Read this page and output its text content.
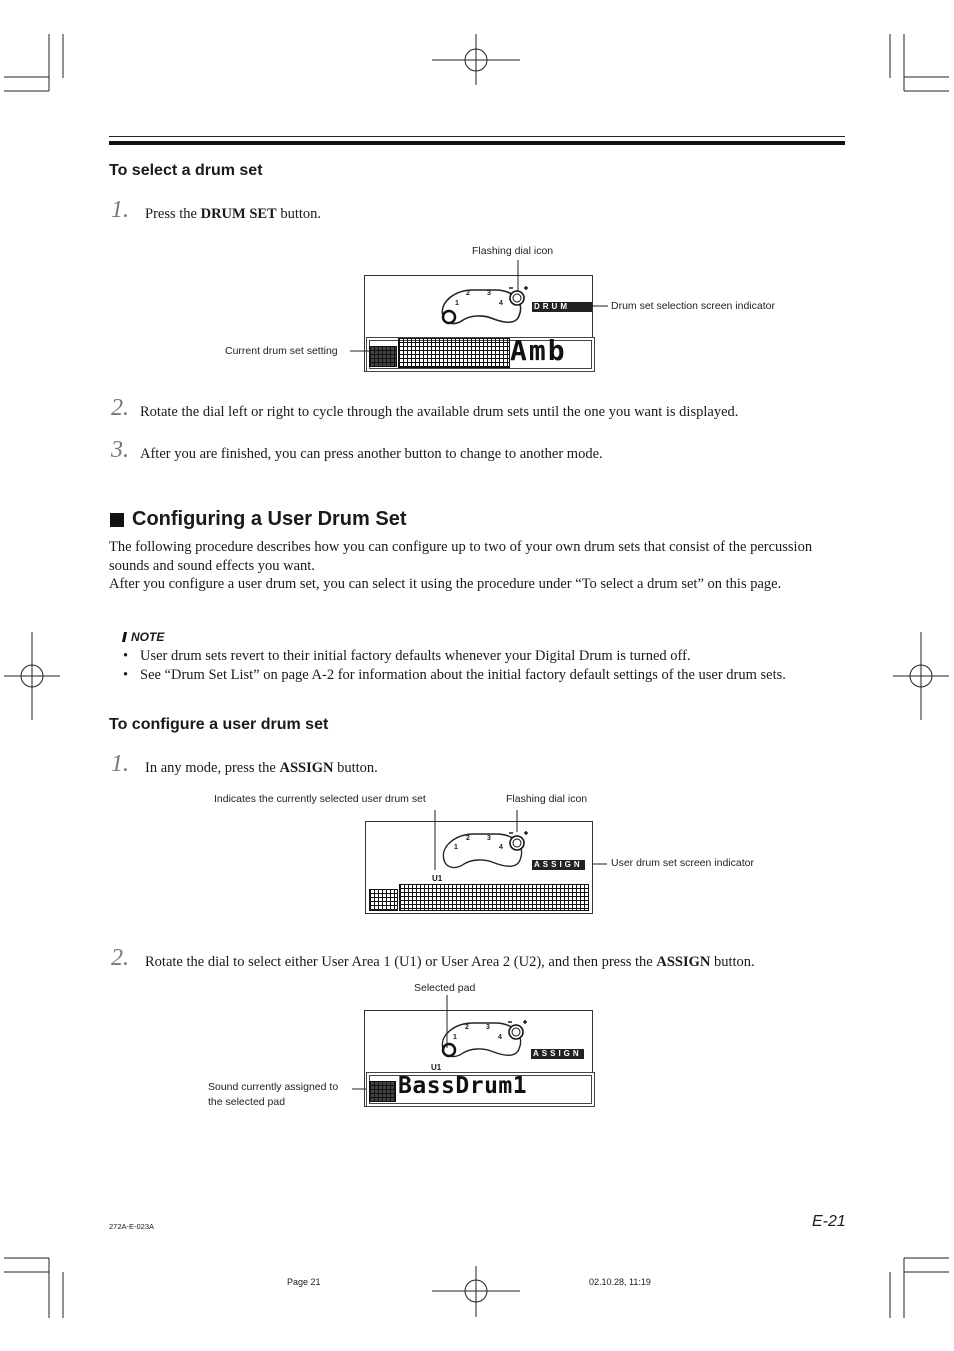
To select a drum set
1. Press the DRUM SET button.
Flashing dial icon
Drum set selection screen indicator
Current drum set setting
1
2 3
4	DRUM SET
Amb
2. Rotate the dial left or right to cycle through the available drum sets until the one you want is displayed.
3. After you are finished, you can press another button to change to another mode.
Configuring a User Drum Set
The following procedure describes how you can configure up to two of your own drum sets that consist of the percussion sounds and sound effects you want.
After you configure a user drum set, you can select it using the procedure under “To select a drum set” on this page.
NOTE
• User drum sets revert to their initial factory defaults whenever your Digital Drum is turned off.
• See “Drum Set List” on page A-2 for information about the initial factory default settings of the user drum sets.
To configure a user drum set
1. In any mode, press the ASSIGN button.
Indicates the currently selected user drum set	Flashing dial icon
User drum set screen indicator
1
2 3
4
ASSIGN
U1
2. Rotate the dial to select either User Area 1 (U1) or User Area 2 (U2), and then press the ASSIGN button.
Selected pad
Sound currently assigned to
the selected pad
1
2 3
4
ASSIGN
U1
BassDrum1
E-21
272A-E-023A
Page 21	02.10.28, 11:19
